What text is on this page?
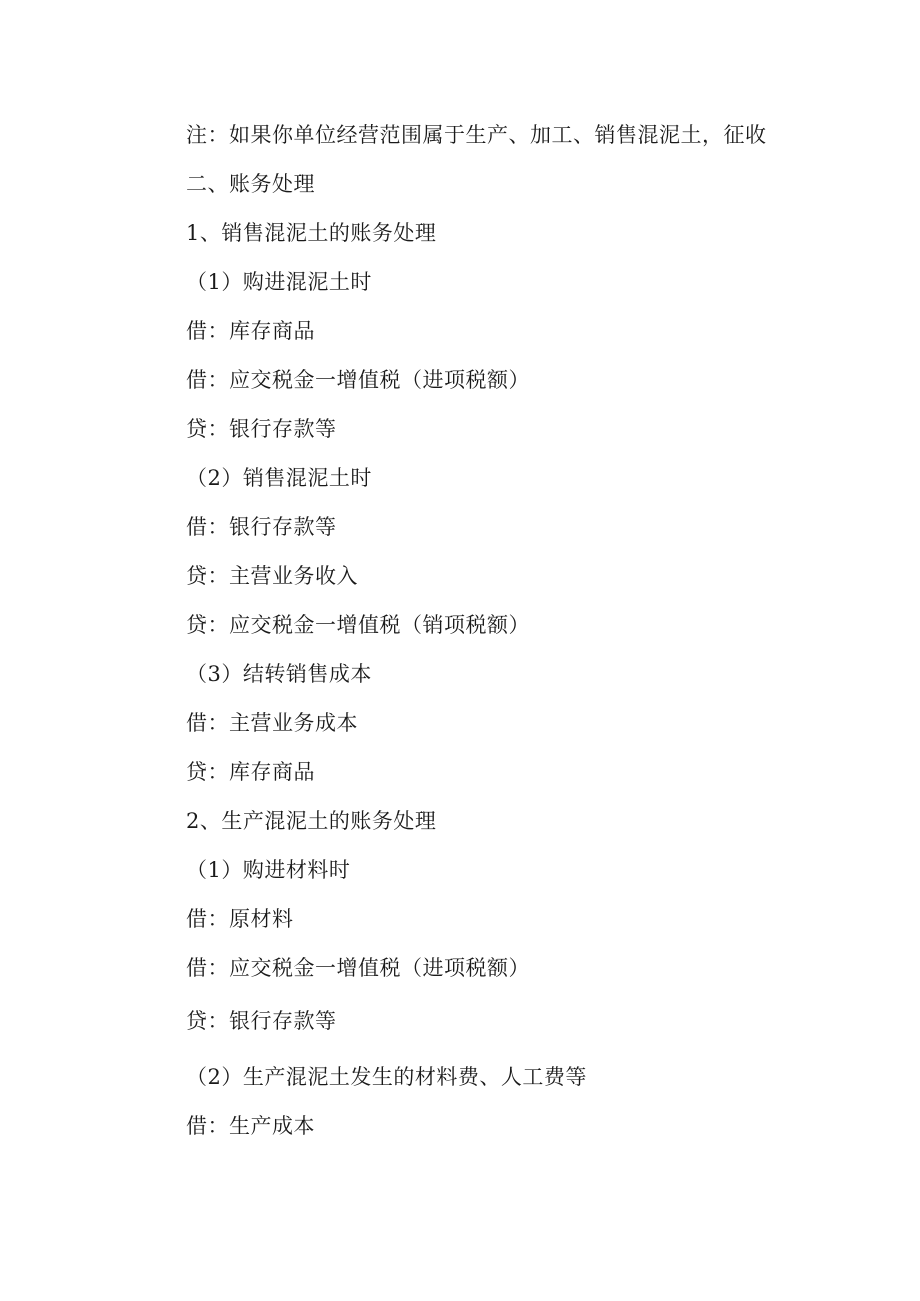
注：如果你单位经营范围属于生产、加工、销售混泥土，征收
二、账务处理
1、销售混泥土的账务处理
（1）购进混泥土时
借：库存商品
借：应交税金一增值税（进项税额）
贷：银行存款等
（2）销售混泥土时
借：银行存款等
贷：主营业务收入
贷：应交税金一增值税（销项税额）
（3）结转销售成本
借：主营业务成本
贷：库存商品
2、生产混泥土的账务处理
（1）购进材料时
借：原材料
借：应交税金一增值税（进项税额）
贷：银行存款等
（2）生产混泥土发生的材料费、人工费等
借：生产成本
